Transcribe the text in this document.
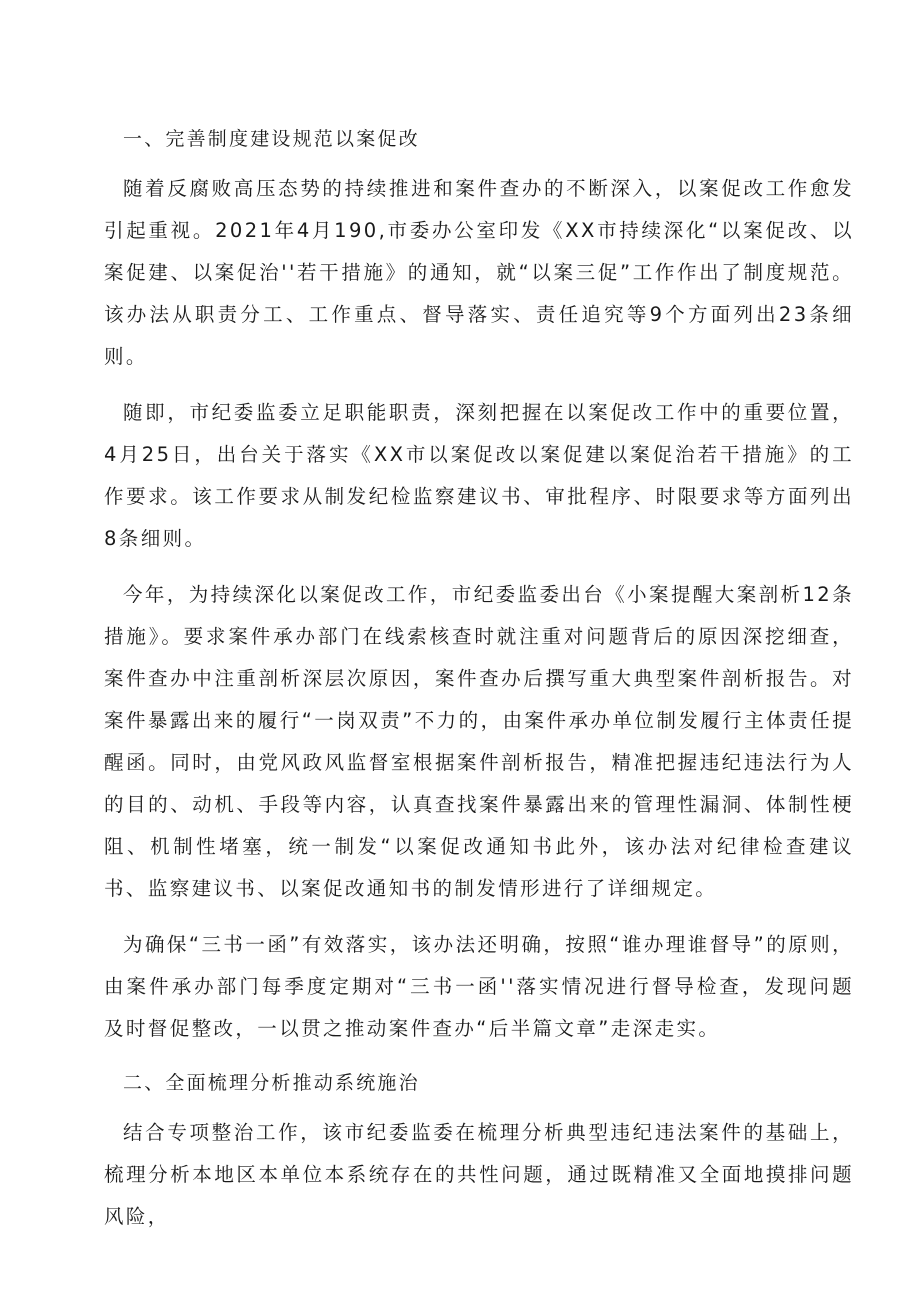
一、完善制度建设规范以案促改

随着反腐败高压态势的持续推进和案件查办的不断深入，以案促改工作愈发引起重视。2021年4月190,市委办公室印发《XX市持续深化“以案促改、以案促建、以案促治''若干措施》的通知，就“以案三促”工作作出了制度规范。该办法从职责分工、工作重点、督导落实、责任追究等9个方面列出23条细则。

随即，市纪委监委立足职能职责，深刻把握在以案促改工作中的重要位置，4月25日，出台关于落实《XX市以案促改以案促建以案促治若干措施》的工作要求。该工作要求从制发纪检监察建议书、审批程序、时限要求等方面列出8条细则。

今年，为持续深化以案促改工作，市纪委监委出台《小案提醒大案剖析12条措施》。要求案件承办部门在线索核查时就注重对问题背后的原因深挖细查，案件查办中注重剖析深层次原因，案件查办后撰写重大典型案件剖析报告。对案件暴露出来的履行“一岗双责”不力的，由案件承办单位制发履行主体责任提醒函。同时，由党风政风监督室根据案件剖析报告，精准把握违纪违法行为人的目的、动机、手段等内容，认真查找案件暴露出来的管理性漏洞、体制性梗阻、机制性堵塞，统一制发“以案促改通知书此外，该办法对纪律检查建议书、监察建议书、以案促改通知书的制发情形进行了详细规定。

为确保“三书一函”有效落实，该办法还明确，按照“谁办理谁督导”的原则，由案件承办部门每季度定期对“三书一函''落实情况进行督导检查，发现问题及时督促整改，一以贯之推动案件查办“后半篇文章”走深走实。

二、全面梳理分析推动系统施治

结合专项整治工作，该市纪委监委在梳理分析典型违纪违法案件的基础上，梳理分析本地区本单位本系统存在的共性问题，通过既精准又全面地摸排问题风险，
